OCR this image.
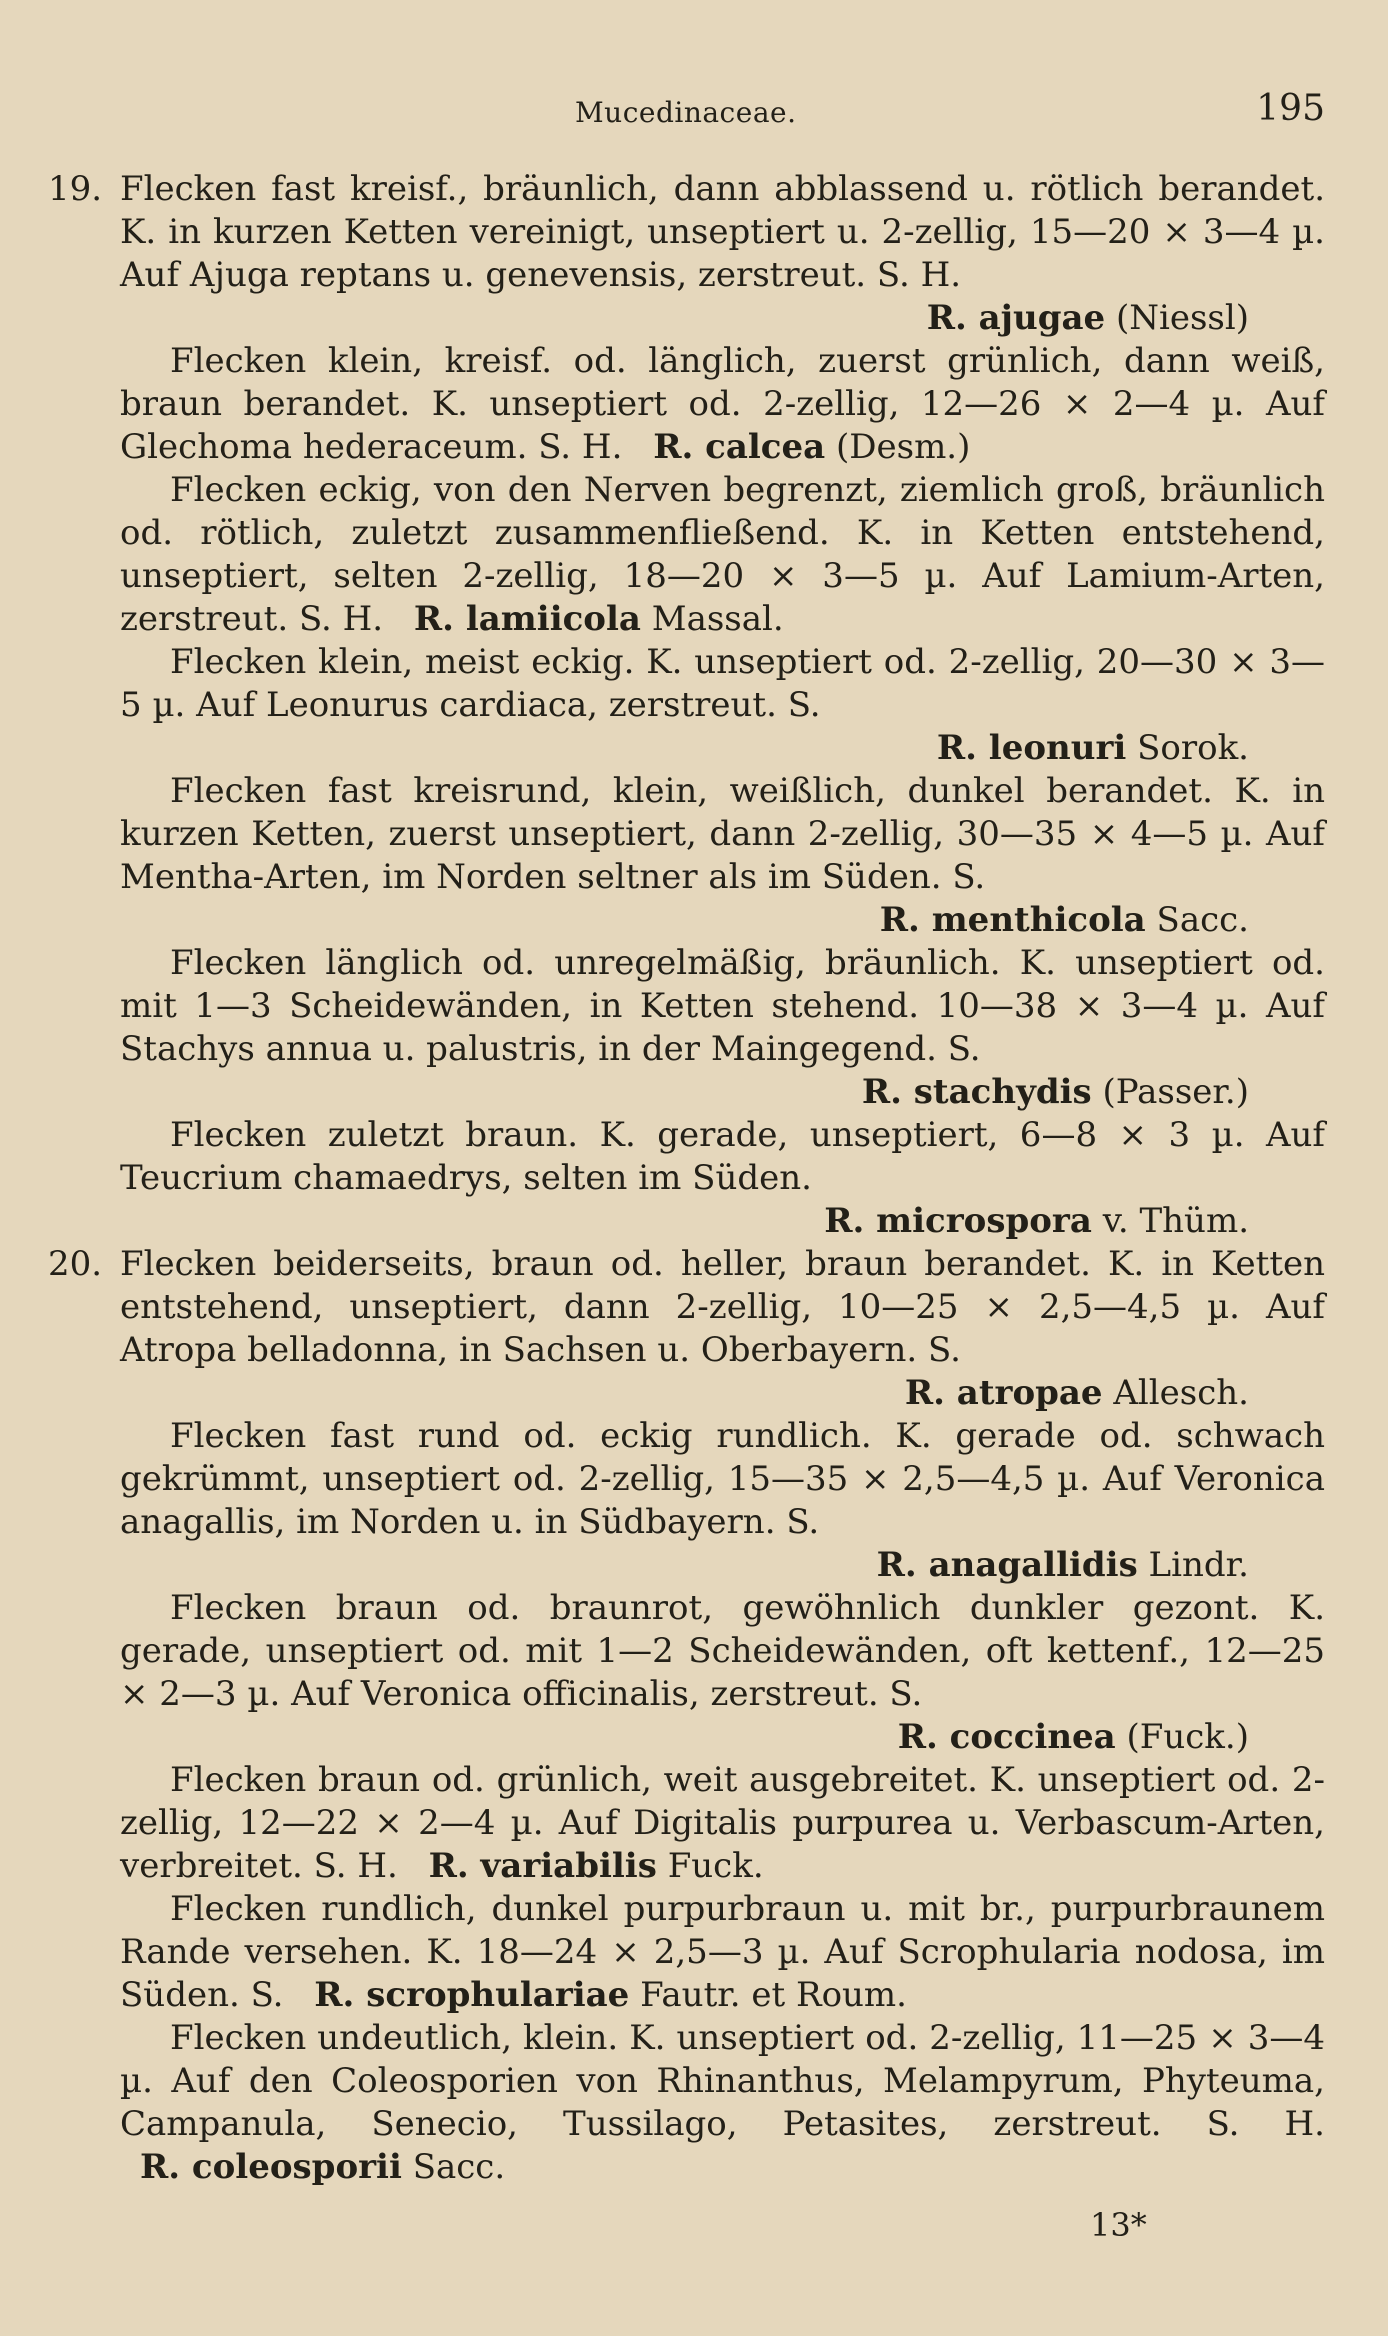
Mucedinaceae.	195
19. Flecken fast kreisf., bräunlich, dann abblassend u. rötlich berandet. K. in kurzen Ketten vereinigt, unseptiert u. 2-zellig, 15—20 × 3—4 µ. Auf Ajuga reptans u. genevensis, zerstreut. S. H.
R. ajugae (Niessl)
Flecken klein, kreisf. od. länglich, zuerst grünlich, dann weiß, braun berandet. K. unseptiert od. 2-zellig, 12—26 × 2—4 µ. Auf Glechoma hederaceum. S. H. R. calcea (Desm.)
Flecken eckig, von den Nerven begrenzt, ziemlich groß, bräunlich od. rötlich, zuletzt zusammenfließend. K. in Ketten entstehend, unseptiert, selten 2-zellig, 18—20 × 3—5 µ. Auf Lamium-Arten, zerstreut. S. H. R. lamiicola Massal.
Flecken klein, meist eckig. K. unseptiert od. 2-zellig, 20—30 × 3—5 µ. Auf Leonurus cardiaca, zerstreut. S.
R. leonuri Sorok.
Flecken fast kreisrund, klein, weißlich, dunkel berandet. K. in kurzen Ketten, zuerst unseptiert, dann 2-zellig, 30—35 × 4—5 µ. Auf Mentha-Arten, im Norden seltner als im Süden. S.
R. menthicola Sacc.
Flecken länglich od. unregelmäßig, bräunlich. K. unseptiert od. mit 1—3 Scheidewänden, in Ketten stehend. 10—38 × 3—4 µ. Auf Stachys annua u. palustris, in der Maingegend. S.
R. stachydis (Passer.)
Flecken zuletzt braun. K. gerade, unseptiert, 6—8 × 3 µ. Auf Teucrium chamaedrys, selten im Süden.
R. microspora v. Thüm.
20. Flecken beiderseits, braun od. heller, braun berandet. K. in Ketten entstehend, unseptiert, dann 2-zellig, 10—25 × 2,5—4,5 µ. Auf Atropa belladonna, in Sachsen u. Oberbayern. S.
R. atropae Allesch.
Flecken fast rund od. eckig rundlich. K. gerade od. schwach gekrümmt, unseptiert od. 2-zellig, 15—35 × 2,5—4,5 µ. Auf Veronica anagallis, im Norden u. in Südbayern. S.
R. anagallidis Lindr.
Flecken braun od. braunrot, gewöhnlich dunkler gezont. K. gerade, unseptiert od. mit 1—2 Scheidewänden, oft kettenf., 12—25 × 2—3 µ. Auf Veronica officinalis, zerstreut. S.
R. coccinea (Fuck.)
Flecken braun od. grünlich, weit ausgebreitet. K. unseptiert od. 2-zellig, 12—22 × 2—4 µ. Auf Digitalis purpurea u. Verbascum-Arten, verbreitet. S. H. R. variabilis Fuck.
Flecken rundlich, dunkel purpurbraun u. mit br., purpurbraunem Rande versehen. K. 18—24 × 2,5—3 µ. Auf Scrophularia nodosa, im Süden. S. R. scrophulariae Fautr. et Roum.
Flecken undeutlich, klein. K. unseptiert od. 2-zellig, 11—25 × 3—4 µ. Auf den Coleosporien von Rhinanthus, Melampyrum, Phyteuma, Campanula, Senecio, Tussilago, Petasites, zerstreut. S. H. R. coleosporii Sacc.
13*
